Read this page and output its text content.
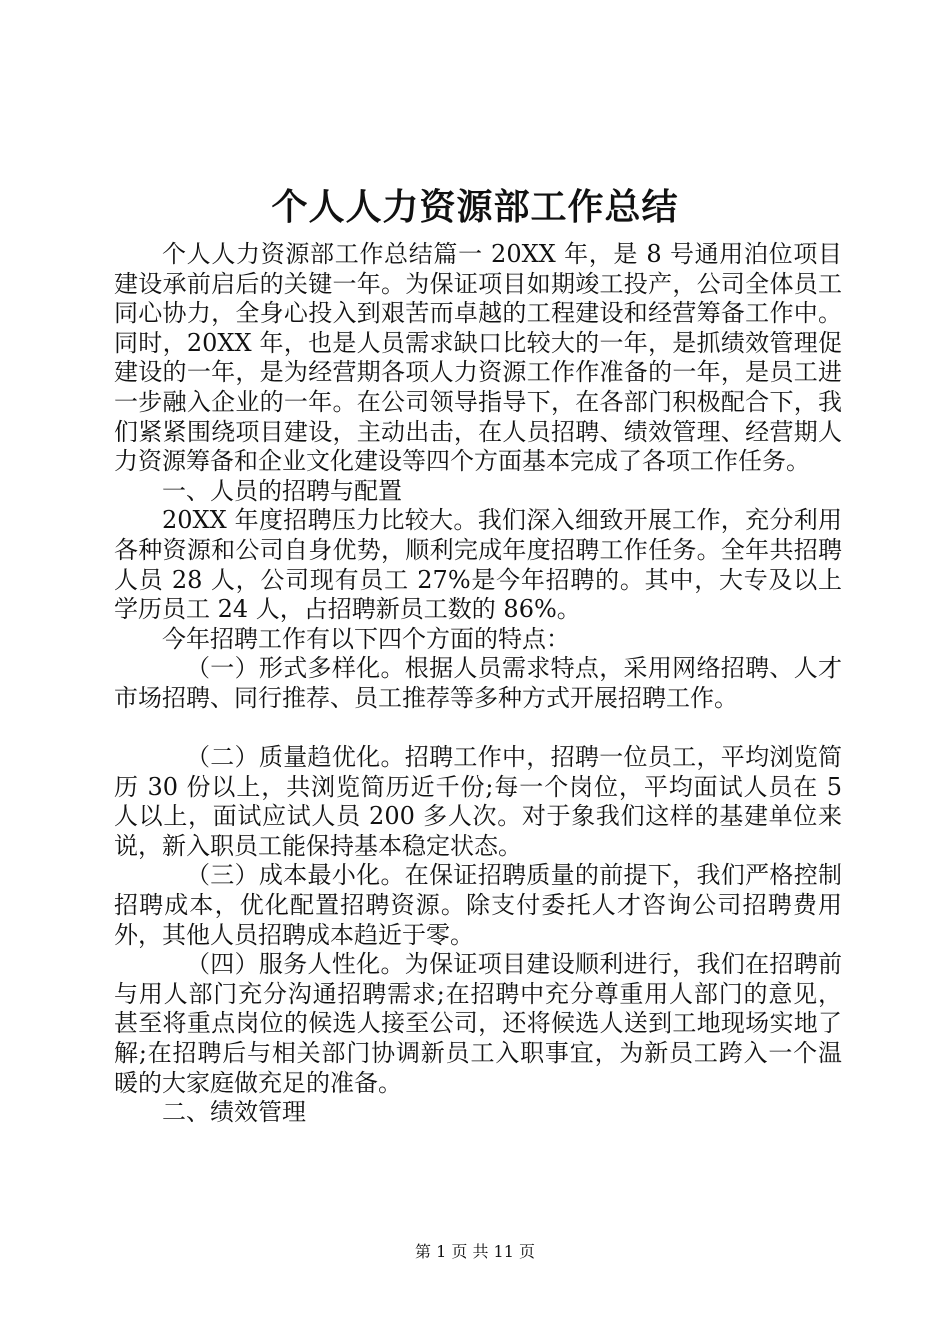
个人人力资源部工作总结

个人人力资源部工作总结篇一 20XX 年，是 8 号通用泊位项目建设承前启后的关键一年。为保证项目如期竣工投产，公司全体员工同心协力，全身心投入到艰苦而卓越的工程建设和经营筹备工作中。同时，20XX 年，也是人员需求缺口比较大的一年，是抓绩效管理促建设的一年，是为经营期各项人力资源工作作准备的一年，是员工进一步融入企业的一年。在公司领导指导下，在各部门积极配合下，我们紧紧围绕项目建设，主动出击，在人员招聘、绩效管理、经营期人力资源筹备和企业文化建设等四个方面基本完成了各项工作任务。

一、人员的招聘与配置

20XX 年度招聘压力比较大。我们深入细致开展工作，充分利用各种资源和公司自身优势，顺利完成年度招聘工作任务。全年共招聘人员 28 人，公司现有员工 27%是今年招聘的。其中，大专及以上学历员工 24 人，占招聘新员工数的 86%。

今年招聘工作有以下四个方面的特点：

（一）形式多样化。根据人员需求特点，采用网络招聘、人才市场招聘、同行推荐、员工推荐等多种方式开展招聘工作。

（二）质量趋优化。招聘工作中，招聘一位员工，平均浏览简历 30 份以上，共浏览简历近千份;每一个岗位，平均面试人员在 5 人以上，面试应试人员 200 多人次。对于象我们这样的基建单位来说，新入职员工能保持基本稳定状态。

（三）成本最小化。在保证招聘质量的前提下，我们严格控制招聘成本，优化配置招聘资源。除支付委托人才咨询公司招聘费用外，其他人员招聘成本趋近于零。

（四）服务人性化。为保证项目建设顺利进行，我们在招聘前与用人部门充分沟通招聘需求;在招聘中充分尊重用人部门的意见，甚至将重点岗位的候选人接至公司，还将候选人送到工地现场实地了解;在招聘后与相关部门协调新员工入职事宜，为新员工跨入一个温暖的大家庭做充足的准备。

二、绩效管理

第 1 页 共 11 页
